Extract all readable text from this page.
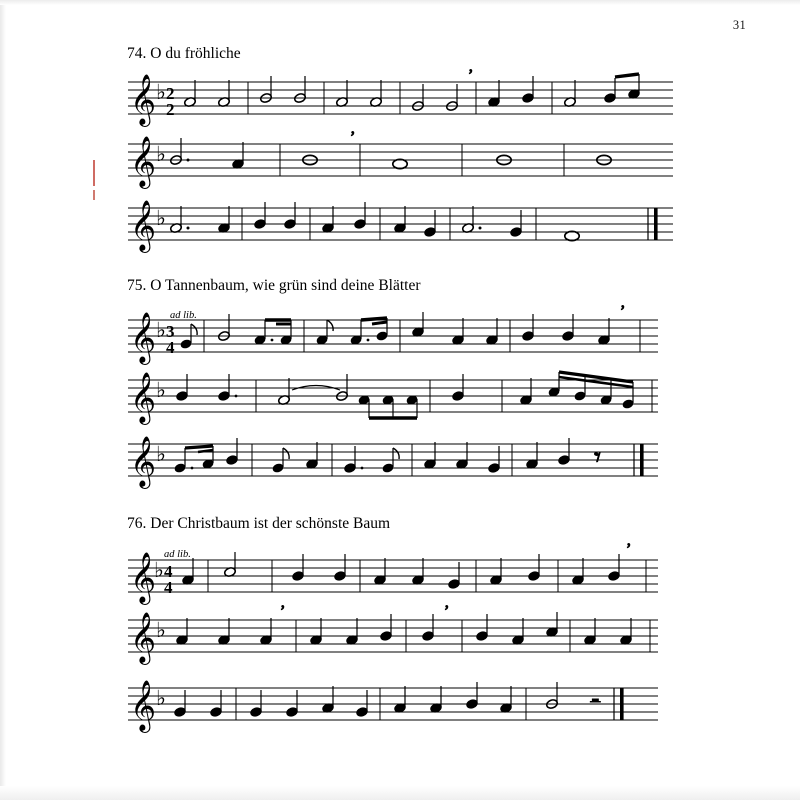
31
74. O du fröhliche
𝄞 ♭ 2
2
’
𝄞 ♭
’
𝄞 ♭
75. O Tannenbaum, wie grün sind deine Blätter
ad lib.
𝄞 ♭ 3
4
’
𝄞 ♭
𝄞 ♭	𝄾
76. Der Christbaum ist der schönste Baum
ad lib.
𝄞
♭ 4
4
’
𝄞 ♭
’	’
𝄞 ♭	𝄼
